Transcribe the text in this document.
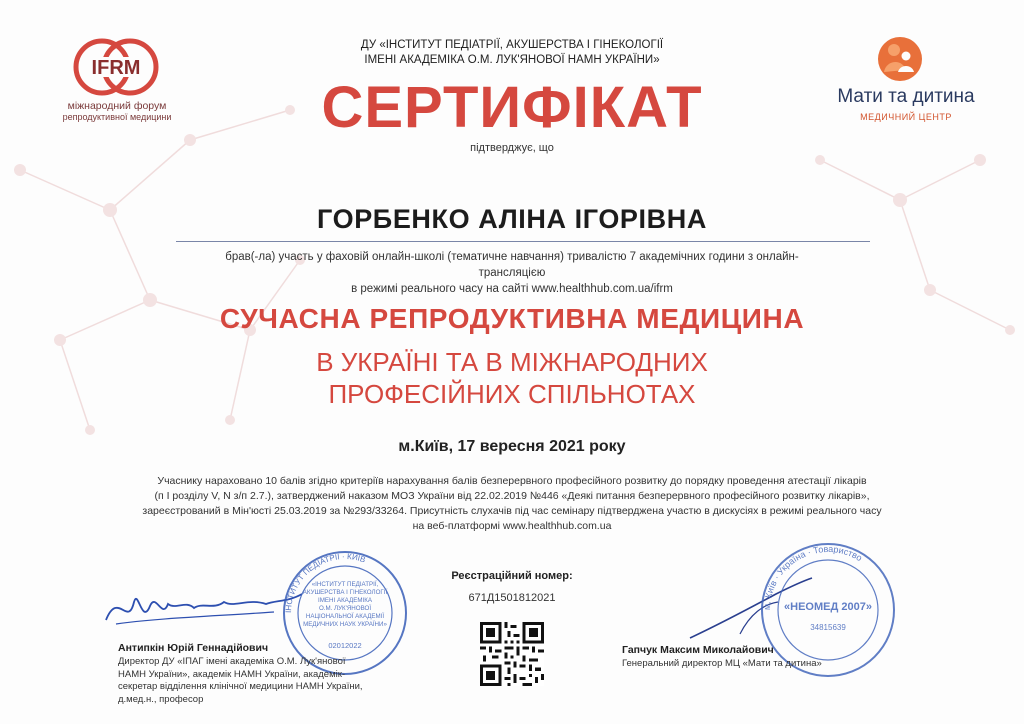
IFRM
міжнародний форум
репродуктивної медицини
ДУ «ІНСТИТУТ ПЕДІАТРІЇ, АКУШЕРСТВА І ГІНЕКОЛОГІЇ
ІМЕНІ АКАДЕМІКА О.М. ЛУК'ЯНОВОЇ НАМН УКРАЇНИ»
Мати та дитина
МЕДИЧНИЙ ЦЕНТР
СЕРТИФІКАТ
підтверджує, що
ГОРБЕНКО АЛІНА ІГОРІВНА
брав(-ла) участь у фаховій онлайн-школі (тематичне навчання) тривалістю 7 академічних години з онлайн-трансляцією
в режимі реального часу на сайті www.healthhub.com.ua/ifrm
СУЧАСНА РЕПРОДУКТИВНА МЕДИЦИНА
В УКРАЇНІ ТА В МІЖНАРОДНИХ
ПРОФЕСІЙНИХ СПІЛЬНОТАХ
м.Київ, 17 вересня 2021 року
Учаснику нараховано 10 балів згідно критеріїв нарахування балів безперервного професійного розвитку до порядку проведення атестації лікарів
(п І розділу V, N з/п 2.7.), затверджений наказом МОЗ України від 22.02.2019 №446 «Деякі питання безперервного професійного розвитку лікарів»,
зареєстрований в Мін'юсті 25.03.2019 за №293/33264. Присутність слухачів під час семінару підтверджена участю в дискусіях в режимі реального часу
на веб-платформі www.healthhub.com.ua
Реєстраційний номер:
671Д1501812021
ІНСТИТУТ ПЕДІАТРІЇ · КИЇВ
«ІНСТИТУТ ПЕДІАТРІЇ,
АКУШЕРСТВА І ГІНЕКОЛОГІЇ
ІМЕНІ АКАДЕМІКА
О.М. ЛУК'ЯНОВОЇ
НАЦІОНАЛЬНОЇ АКАДЕМІЇ
МЕДИЧНИХ НАУК УКРАЇНИ»
02012022
м. Київ · Україна · Товариство
«НЕОМЕД 2007»
34815639
Антипкін Юрій Геннадійович
Директор ДУ «ІПАГ імені академіка О.М. Лук'янової
НАМН України», академік НАМН України, академік-
секретар відділення клінічної медицини НАМН України,
д.мед.н., професор
Гапчук Максим Миколайович
Генеральний директор МЦ «Мати та дитина»
